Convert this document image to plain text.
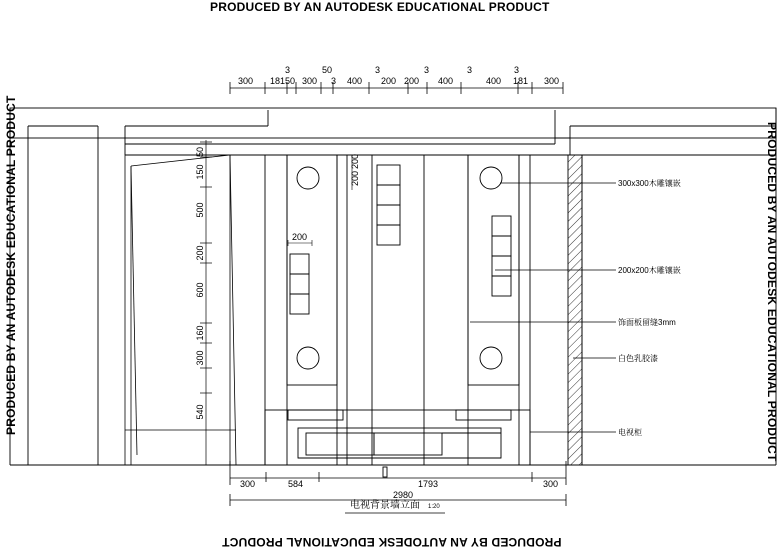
PRODUCED BY AN AUTODESK EDUCATIONAL PRODUCT
PRODUCED BY AN AUTODESK EDUCATIONAL PRODUCT
PRODUCED BY AN AUTODESK EDUCATIONAL PRODUCT	PRODUCED BY AN AUTODESK EDUCATIONAL PRODUCT
300 181 50 300 3 400 200 200 400	400 181 300
3	50	3	3	3	3
50
150
500
200
600
160
300
540
200
200
200
300x300木雕镶嵌
200x200木雕镶嵌
饰面板留缝3mm
白色乳胶漆
电视柜
300	584	1793	300
2980
电视背景墙立面 1:20
